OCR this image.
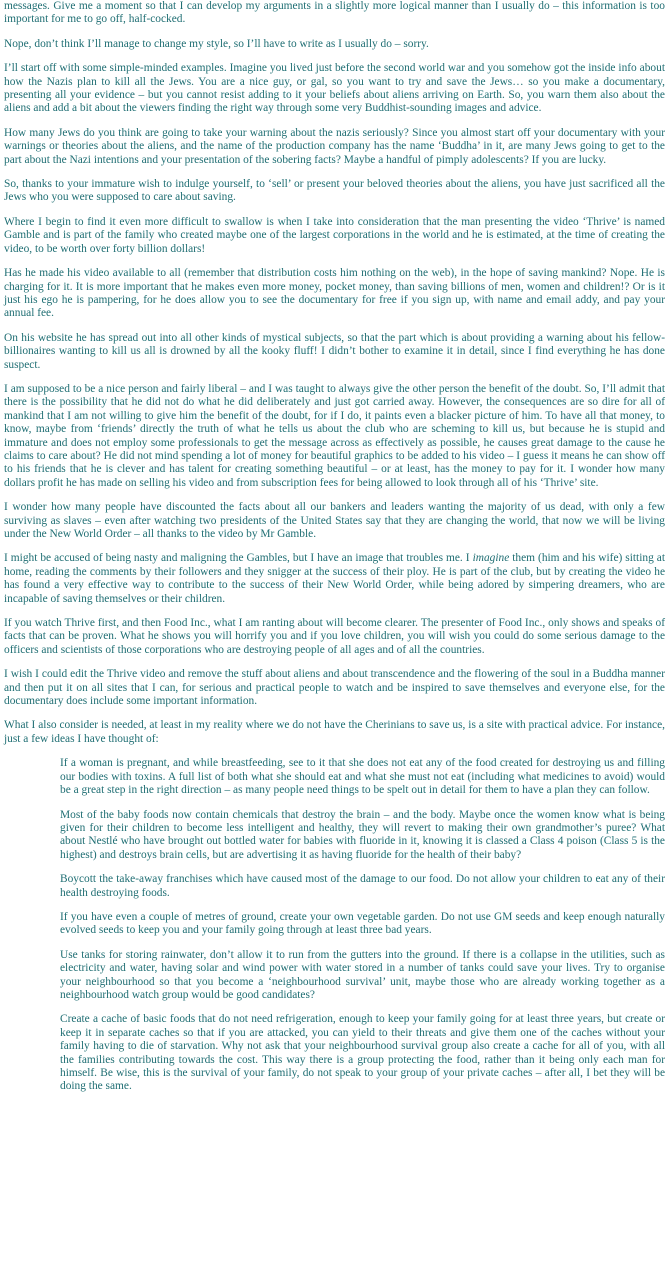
messages. Give me a moment so that I can develop my arguments in a slightly more logical manner than I usually do – this information is too important for me to go off, half-cocked.

Nope, don’t think I’ll manage to change my style, so I’ll have to write as I usually do – sorry.

I’ll start off with some simple-minded examples. Imagine you lived just before the second world war and you somehow got the inside info about how the Nazis plan to kill all the Jews. You are a nice guy, or gal, so you want to try and save the Jews… so you make a documentary, presenting all your evidence – but you cannot resist adding to it your beliefs about aliens arriving on Earth. So, you warn them also about the aliens and add a bit about the viewers finding the right way through some very Buddhist-sounding images and advice.

How many Jews do you think are going to take your warning about the nazis seriously? Since you almost start off your documentary with your warnings or theories about the aliens, and the name of the production company has the name ‘Buddha’ in it, are many Jews going to get to the part about the Nazi intentions and your presentation of the sobering facts? Maybe a handful of pimply adolescents? If you are lucky.

So, thanks to your immature wish to indulge yourself, to ‘sell’ or present your beloved theories about the aliens, you have just sacrificed all the Jews who you were supposed to care about saving.

Where I begin to find it even more difficult to swallow is when I take into consideration that the man presenting the video ‘Thrive’ is named Gamble and is part of the family who created maybe one of the largest corporations in the world and he is estimated, at the time of creating the video, to be worth over forty billion dollars!

Has he made his video available to all (remember that distribution costs him nothing on the web), in the hope of saving mankind? Nope. He is charging for it. It is more important that he makes even more money, pocket money, than saving billions of men, women and children!? Or is it just his ego he is pampering, for he does allow you to see the documentary for free if you sign up, with name and email addy, and pay your annual fee.

On his website he has spread out into all other kinds of mystical subjects, so that the part which is about providing a warning about his fellow-billionaires wanting to kill us all is drowned by all the kooky fluff! I didn’t bother to examine it in detail, since I find everything he has done suspect.

I am supposed to be a nice person and fairly liberal – and I was taught to always give the other person the benefit of the doubt. So, I’ll admit that there is the possibility that he did not do what he did deliberately and just got carried away. However, the consequences are so dire for all of mankind that I am not willing to give him the benefit of the doubt, for if I do, it paints even a blacker picture of him. To have all that money, to know, maybe from ‘friends’ directly the truth of what he tells us about the club who are scheming to kill us, but because he is stupid and immature and does not employ some professionals to get the message across as effectively as possible, he causes great damage to the cause he claims to care about? He did not mind spending a lot of money for beautiful graphics to be added to his video – I guess it means he can show off to his friends that he is clever and has talent for creating something beautiful – or at least, has the money to pay for it. I wonder how many dollars profit he has made on selling his video and from subscription fees for being allowed to look through all of his ‘Thrive’ site.

I wonder how many people have discounted the facts about all our bankers and leaders wanting the majority of us dead, with only a few surviving as slaves – even after watching two presidents of the United States say that they are changing the world, that now we will be living under the New World Order – all thanks to the video by Mr Gamble.

I might be accused of being nasty and maligning the Gambles, but I have an image that troubles me. I imagine them (him and his wife) sitting at home, reading the comments by their followers and they snigger at the success of their ploy. He is part of the club, but by creating the video he has found a very effective way to contribute to the success of their New World Order, while being adored by simpering dreamers, who are incapable of saving themselves or their children.

If you watch Thrive first, and then Food Inc., what I am ranting about will become clearer. The presenter of Food Inc., only shows and speaks of facts that can be proven. What he shows you will horrify you and if you love children, you will wish you could do some serious damage to the officers and scientists of those corporations who are destroying people of all ages and of all the countries.

I wish I could edit the Thrive video and remove the stuff about aliens and about transcendence and the flowering of the soul in a Buddha manner and then put it on all sites that I can, for serious and practical people to watch and be inspired to save themselves and everyone else, for the documentary does include some important information.

What I also consider is needed, at least in my reality where we do not have the Cherinians to save us, is a site with practical advice. For instance, just a few ideas I have thought of:

If a woman is pregnant, and while breastfeeding, see to it that she does not eat any of the food created for destroying us and filling our bodies with toxins. A full list of both what she should eat and what she must not eat (including what medicines to avoid) would be a great step in the right direction – as many people need things to be spelt out in detail for them to have a plan they can follow.

Most of the baby foods now contain chemicals that destroy the brain – and the body. Maybe once the women know what is being given for their children to become less intelligent and healthy, they will revert to making their own grandmother’s puree? What about Nestlé who have brought out bottled water for babies with fluoride in it, knowing it is classed a Class 4 poison (Class 5 is the highest) and destroys brain cells, but are advertising it as having fluoride for the health of their baby?

Boycott the take-away franchises which have caused most of the damage to our food. Do not allow your children to eat any of their health destroying foods.

If you have even a couple of metres of ground, create your own vegetable garden. Do not use GM seeds and keep enough naturally evolved seeds to keep you and your family going through at least three bad years.

Use tanks for storing rainwater, don’t allow it to run from the gutters into the ground. If there is a collapse in the utilities, such as electricity and water, having solar and wind power with water stored in a number of tanks could save your lives. Try to organise your neighbourhood so that you become a ‘neighbourhood survival’ unit, maybe those who are already working together as a neighbourhood watch group would be good candidates?

Create a cache of basic foods that do not need refrigeration, enough to keep your family going for at least three years, but create or keep it in separate caches so that if you are attacked, you can yield to their threats and give them one of the caches without your family having to die of starvation. Why not ask that your neighbourhood survival group also create a cache for all of you, with all the families contributing towards the cost. This way there is a group protecting the food, rather than it being only each man for himself. Be wise, this is the survival of your family, do not speak to your group of your private caches – after all, I bet they will be doing the same.
